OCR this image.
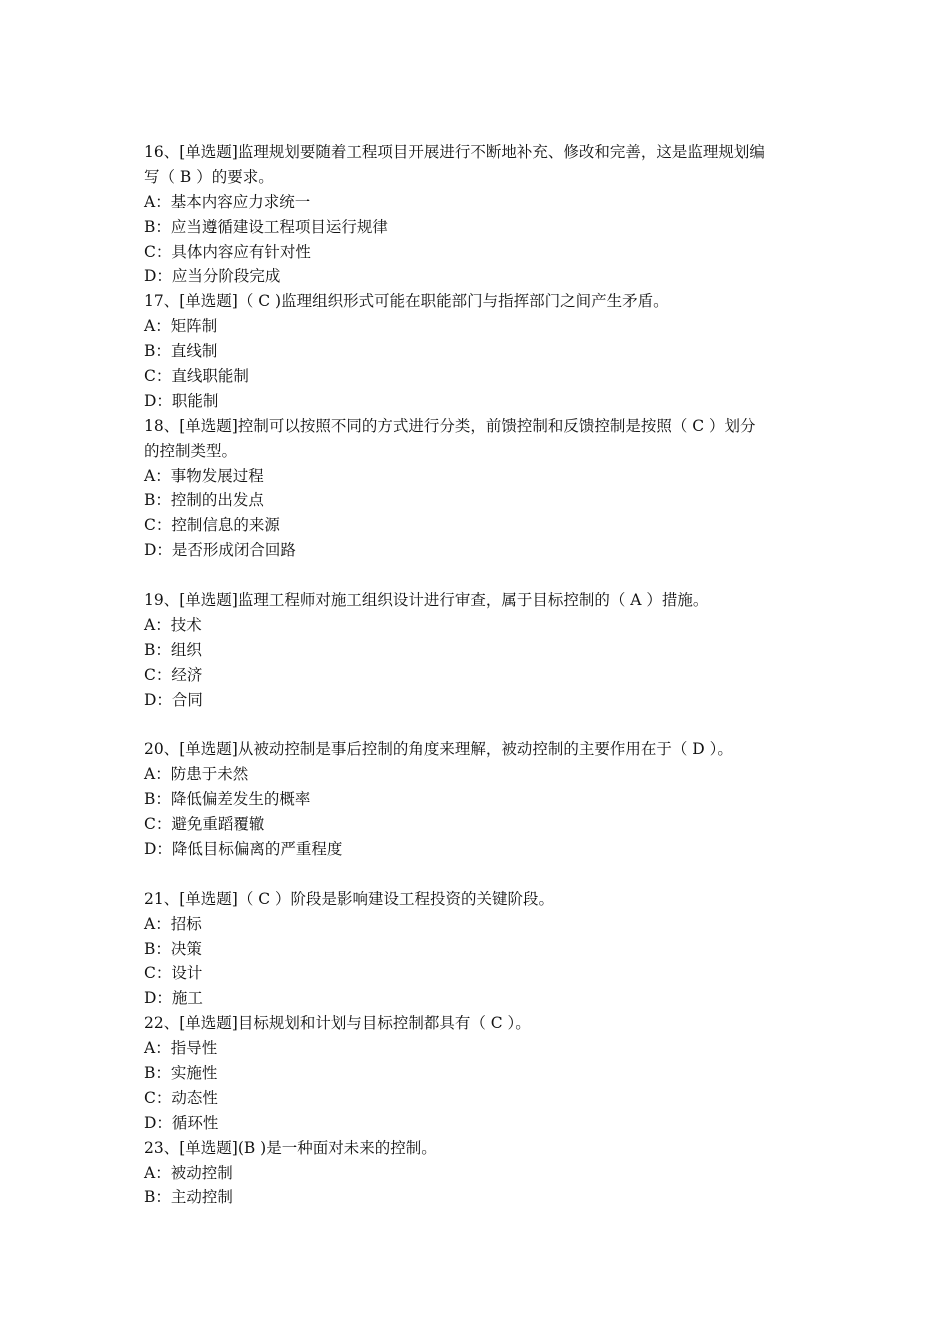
16、[单选题]监理规划要随着工程项目开展进行不断地补充、修改和完善，这是监理规划编
写（ B ）的要求。
A：基本内容应力求统一
B：应当遵循建设工程项目运行规律
C：具体内容应有针对性
D：应当分阶段完成
17、[单选题]（ C )监理组织形式可能在职能部门与指挥部门之间产生矛盾。
A：矩阵制
B：直线制
C：直线职能制
D：职能制
18、[单选题]控制可以按照不同的方式进行分类，前馈控制和反馈控制是按照（ C ）划分
的控制类型。
A：事物发展过程
B：控制的出发点
C：控制信息的来源
D：是否形成闭合回路
19、[单选题]监理工程师对施工组织设计进行审查，属于目标控制的（ A ）措施。
A：技术
B：组织
C：经济
D：合同
20、[单选题]从被动控制是事后控制的角度来理解，被动控制的主要作用在于（ D ）。
A：防患于未然
B：降低偏差发生的概率
C：避免重蹈覆辙
D：降低目标偏离的严重程度
21、[单选题]（ C ）阶段是影响建设工程投资的关键阶段。
A：招标
B：决策
C：设计
D：施工
22、[单选题]目标规划和计划与目标控制都具有（ C ）。
A：指导性
B：实施性
C：动态性
D：循环性
23、[单选题](B )是一种面对未来的控制。
A：被动控制
B：主动控制
